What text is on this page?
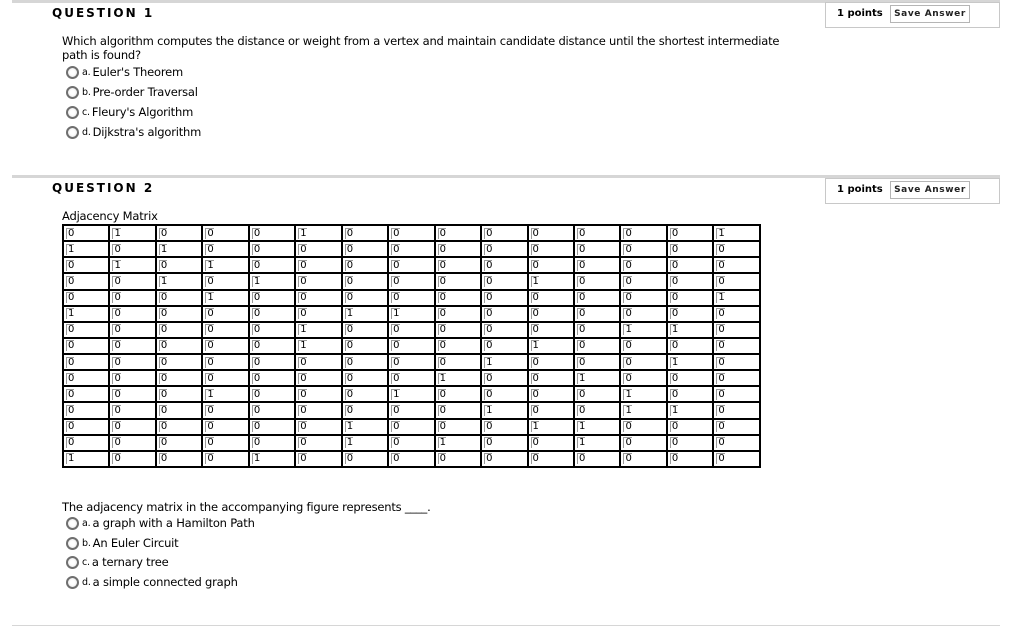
QUESTION 1	1 points	Save Answer
Which algorithm computes the distance or weight from a vertex and maintain candidate distance until the shortest intermediate path is found?
a. Euler's Theorem
b. Pre-order Traversal
c. Fleury's Algorithm
d. Dijkstra's algorithm
QUESTION 2	1 points	Save Answer
Adjacency Matrix
0	1	0	0	0	1	0	0	0	0	0	0	0	0	1
1	0	1	0	0	0	0	0	0	0	0	0	0	0	0
0	1	0	1	0	0	0	0	0	0	0	0	0	0	0
0	0	1	0	1	0	0	0	0	0	1	0	0	0	0
0	0	0	1	0	0	0	0	0	0	0	0	0	0	1
1	0	0	0	0	0	1	1	0	0	0	0	0	0	0
0	0	0	0	0	1	0	0	0	0	0	0	1	1	0
0	0	0	0	0	1	0	0	0	0	1	0	0	0	0
0	0	0	0	0	0	0	0	0	1	0	0	0	1	0
0	0	0	0	0	0	0	0	1	0	0	1	0	0	0
0	0	0	1	0	0	0	1	0	0	0	0	1	0	0
0	0	0	0	0	0	0	0	0	1	0	0	1	1	0
0	0	0	0	0	0	1	0	0	0	1	1	0	0	0
0	0	0	0	0	0	1	0	1	0	0	1	0	0	0
1	0	0	0	1	0	0	0	0	0	0	0	0	0	0
The adjacency matrix in the accompanying figure represents ____.
a. a graph with a Hamilton Path
b. An Euler Circuit
c. a ternary tree
d. a simple connected graph
